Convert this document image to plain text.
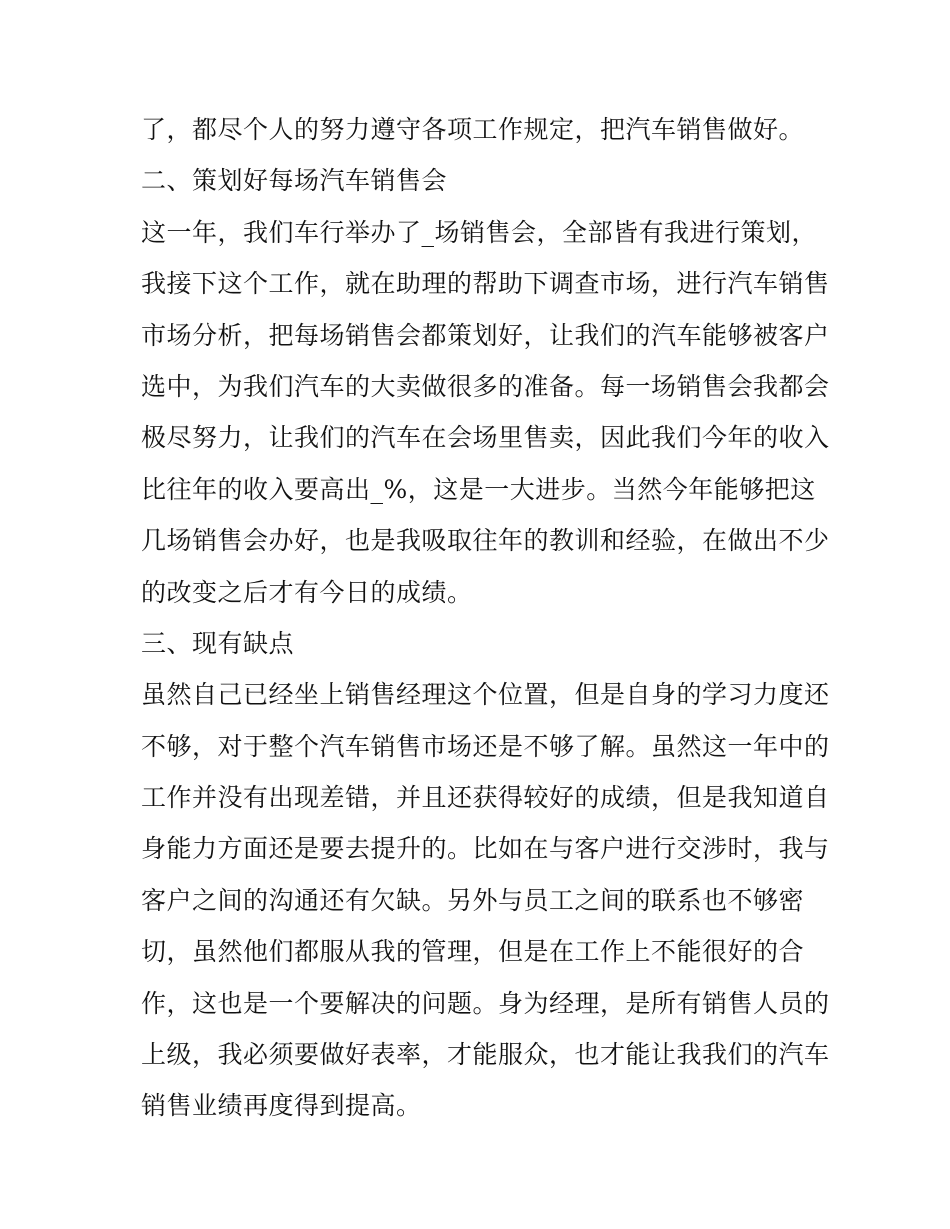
了，都尽个人的努力遵守各项工作规定，把汽车销售做好。
二、策划好每场汽车销售会
这一年，我们车行举办了_场销售会，全部皆有我进行策划，
我接下这个工作，就在助理的帮助下调查市场，进行汽车销售
市场分析，把每场销售会都策划好，让我们的汽车能够被客户
选中，为我们汽车的大卖做很多的准备。每一场销售会我都会
极尽努力，让我们的汽车在会场里售卖，因此我们今年的收入
比往年的收入要高出_%，这是一大进步。当然今年能够把这
几场销售会办好，也是我吸取往年的教训和经验，在做出不少
的改变之后才有今日的成绩。
三、现有缺点
虽然自己已经坐上销售经理这个位置，但是自身的学习力度还
不够，对于整个汽车销售市场还是不够了解。虽然这一年中的
工作并没有出现差错，并且还获得较好的成绩，但是我知道自
身能力方面还是要去提升的。比如在与客户进行交涉时，我与
客户之间的沟通还有欠缺。另外与员工之间的联系也不够密
切，虽然他们都服从我的管理，但是在工作上不能很好的合
作，这也是一个要解决的问题。身为经理，是所有销售人员的
上级，我必须要做好表率，才能服众，也才能让我我们的汽车
销售业绩再度得到提高。
